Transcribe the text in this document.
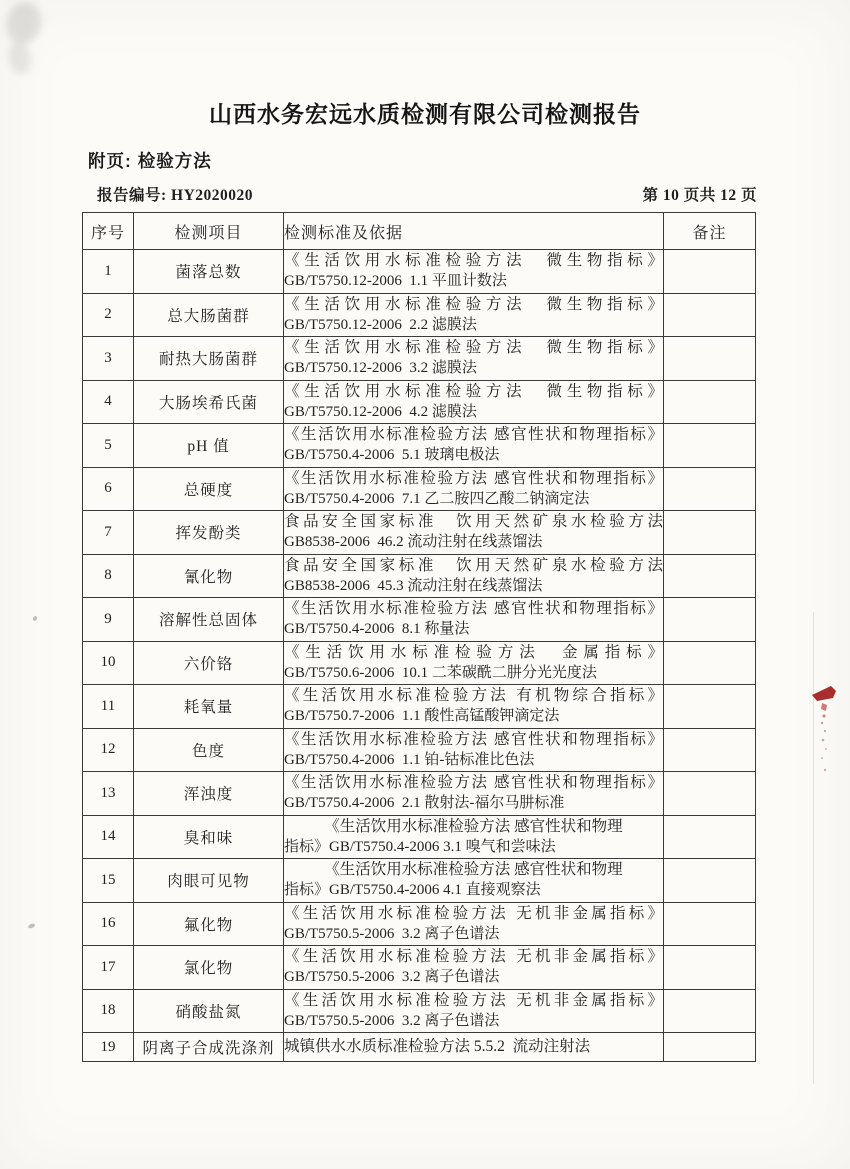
山西水务宏远水质检测有限公司检测报告
附页: 检验方法
报告编号: HY2020020	第 10 页共 12 页
序号	检测项目	检测标准及依据	备注
1	菌落总数	《生活饮用水标准检验方法　微生物指标》
GB/T5750.12-2006  1.1 平皿计数法	

2	总大肠菌群	《生活饮用水标准检验方法　微生物指标》
GB/T5750.12-2006  2.2 滤膜法	

3	耐热大肠菌群	《生活饮用水标准检验方法　微生物指标》
GB/T5750.12-2006  3.2 滤膜法	

4	大肠埃希氏菌	《生活饮用水标准检验方法　微生物指标》
GB/T5750.12-2006  4.2 滤膜法	

5	pH 值	《生活饮用水标准检验方法 感官性状和物理指标》
GB/T5750.4-2006  5.1 玻璃电极法	

6	总硬度	《生活饮用水标准检验方法 感官性状和物理指标》
GB/T5750.4-2006  7.1 乙二胺四乙酸二钠滴定法	

7	挥发酚类	食品安全国家标准　饮用天然矿泉水检验方法
GB8538-2006  46.2 流动注射在线蒸馏法	

8	氰化物	食品安全国家标准　饮用天然矿泉水检验方法
GB8538-2006  45.3 流动注射在线蒸馏法	

9	溶解性总固体	《生活饮用水标准检验方法 感官性状和物理指标》
GB/T5750.4-2006  8.1 称量法	

10	六价铬	《生活饮用水标准检验方法　金属指标》
GB/T5750.6-2006  10.1 二苯碳酰二肼分光光度法	

11	耗氧量	《生活饮用水标准检验方法 有机物综合指标》
GB/T5750.7-2006  1.1 酸性高锰酸钾滴定法	

12	色度	《生活饮用水标准检验方法 感官性状和物理指标》
GB/T5750.4-2006  1.1 铂-钴标准比色法	

13	浑浊度	《生活饮用水标准检验方法 感官性状和物理指标》
GB/T5750.4-2006  2.1 散射法-福尔马肼标准	

14	臭和味	《生活饮用水标准检验方法 感官性状和物理
指标》GB/T5750.4-2006 3.1 嗅气和尝味法	

15	肉眼可见物	《生活饮用水标准检验方法 感官性状和物理
指标》GB/T5750.4-2006 4.1 直接观察法	

16	氟化物	《生活饮用水标准检验方法 无机非金属指标》
GB/T5750.5-2006  3.2 离子色谱法	

17	氯化物	《生活饮用水标准检验方法 无机非金属指标》
GB/T5750.5-2006  3.2 离子色谱法	

18	硝酸盐氮	《生活饮用水标准检验方法 无机非金属指标》
GB/T5750.5-2006  3.2 离子色谱法	

19	阴离子合成洗涤剂	城镇供水水质标准检验方法 5.5.2  流动注射法	
